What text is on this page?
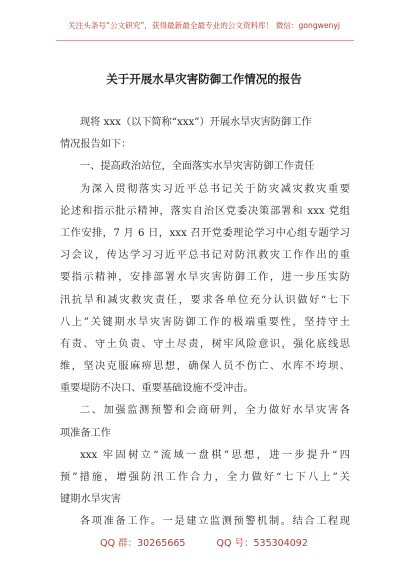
关注头条号“公文研究”，获得最新最全最专业的公文资料库！ 微信：gongwenyj
关于开展水旱灾害防御工作情况的报告
现将 xxx（以下简称“xxx”）开展水旱灾害防御工作
情况报告如下：
一、提高政治站位，全面落实水旱灾害防御工作责任
为深入贯彻落实习近平总书记关于防灾减灾救灾重要
论述和指示批示精神，落实自治区党委决策部署和 xxx 党组
工作安排，7 月 6 日，xxx 召开党委理论学习中心组专题学习
习会议，传达学习习近平总书记对防汛救灾工作作出的重
要指示精神，安排部署水旱灾害防御工作，进一步压实防
汛抗旱和减灾救灾责任，要求各单位充分认识做好“七下
八上”关键期水旱灾害防御工作的极端重要性，坚持守土
有责、守土负责、守土尽责，树牢风险意识，强化底线思
维，坚决克服麻痹思想，确保人员不伤亡、水库不垮坝、
重要堤防不决口、重要基础设施不受冲击。
二、加强监测预警和会商研判，全力做好水旱灾害各
项准备工作
xxx 牢固树立“流域一盘棋”思想，进一步提升“四
预”措施，增强防汛工作合力，全力做好“七下八上”关
键期水旱灾害
各项准备工作。一是建立监测预警机制。结合工程现
QQ 群：30265665	QQ 号：535304092
